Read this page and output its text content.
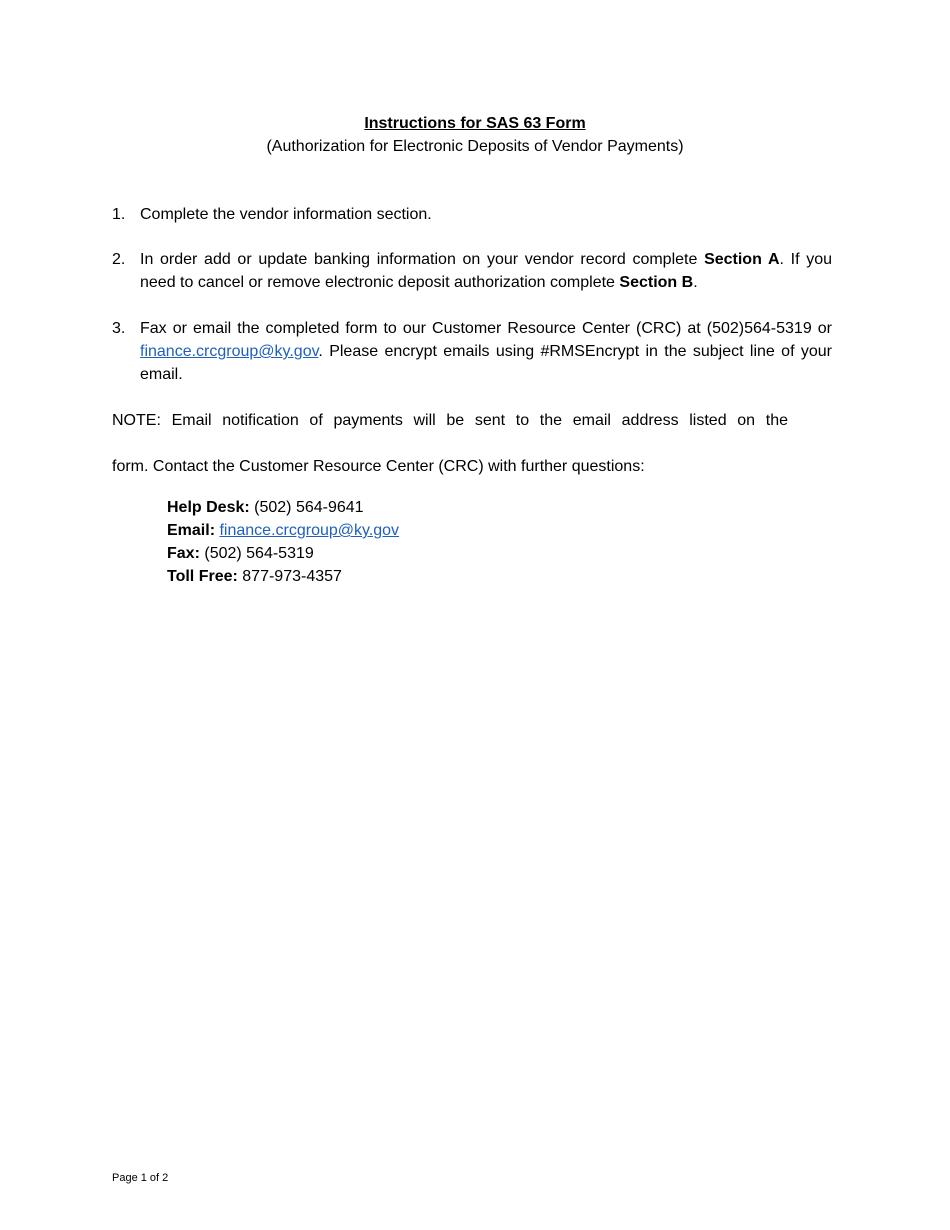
Instructions for SAS 63 Form
(Authorization for Electronic Deposits of Vendor Payments)
1. Complete the vendor information section.
2. In order add or update banking information on your vendor record complete Section A. If you need to cancel or remove electronic deposit authorization complete Section B.
3. Fax or email the completed form to our Customer Resource Center (CRC) at (502)564-5319 or finance.crcgroup@ky.gov. Please encrypt emails using #RMSEncrypt in the subject line of your email.
NOTE: Email notification of payments will be sent to the email address listed on the
form. Contact the Customer Resource Center (CRC) with further questions:
Help Desk: (502) 564-9641
Email: finance.crcgroup@ky.gov
Fax: (502) 564-5319
Toll Free: 877-973-4357
Page 1 of 2
